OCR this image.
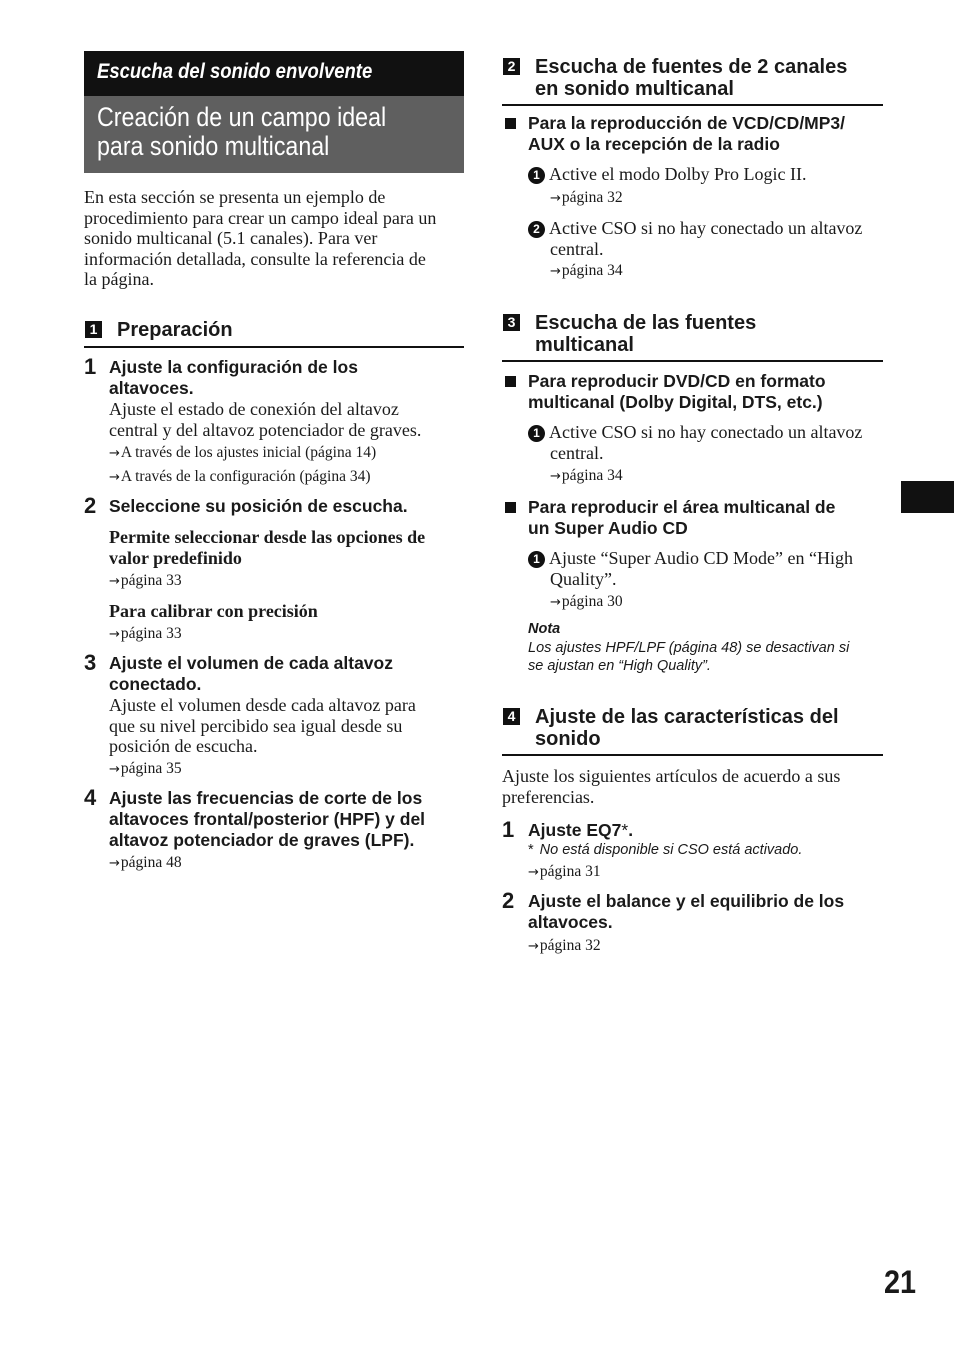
Escucha del sonido envolvente
Creación de un campo ideal
para sonido multicanal
En esta sección se presenta un ejemplo de
procedimiento para crear un campo ideal para un
sonido multicanal (5.1 canales). Para ver
información detallada, consulte la referencia de
la página.
1 Preparación
1 Ajuste la configuración de los
altavoces.
Ajuste el estado de conexión del altavoz
central y del altavoz potenciador de graves.
→A través de los ajustes inicial (página 14)
→A través de la configuración (página 34)
2 Seleccione su posición de escucha.
Permite seleccionar desde las opciones de
valor predefinido
→página 33
Para calibrar con precisión
→página 33
3 Ajuste el volumen de cada altavoz
conectado.
Ajuste el volumen desde cada altavoz para
que su nivel percibido sea igual desde su
posición de escucha.
→página 35
4 Ajuste las frecuencias de corte de los
altavoces frontal/posterior (HPF) y del
altavoz potenciador de graves (LPF).
→página 48
2 Escucha de fuentes de 2 canales
en sonido multicanal
Para la reproducción de VCD/CD/MP3/
AUX o la recepción de la radio
1 Active el modo Dolby Pro Logic II.
→página 32
2 Active CSO si no hay conectado un altavoz
central.
→página 34
3 Escucha de las fuentes
multicanal
Para reproducir DVD/CD en formato
multicanal (Dolby Digital, DTS, etc.)
1 Active CSO si no hay conectado un altavoz
central.
→página 34
Para reproducir el área multicanal de
un Super Audio CD
1 Ajuste “Super Audio CD Mode” en “High
Quality”.
→página 30
Nota
Los ajustes HPF/LPF (página 48) se desactivan si
se ajustan en “High Quality”.
4 Ajuste de las características del
sonido
Ajuste los siguientes artículos de acuerdo a sus
preferencias.
1 Ajuste EQ7*.
* No está disponible si CSO está activado.
→página 31
2 Ajuste el balance y el equilibrio de los
altavoces.
→página 32
21
